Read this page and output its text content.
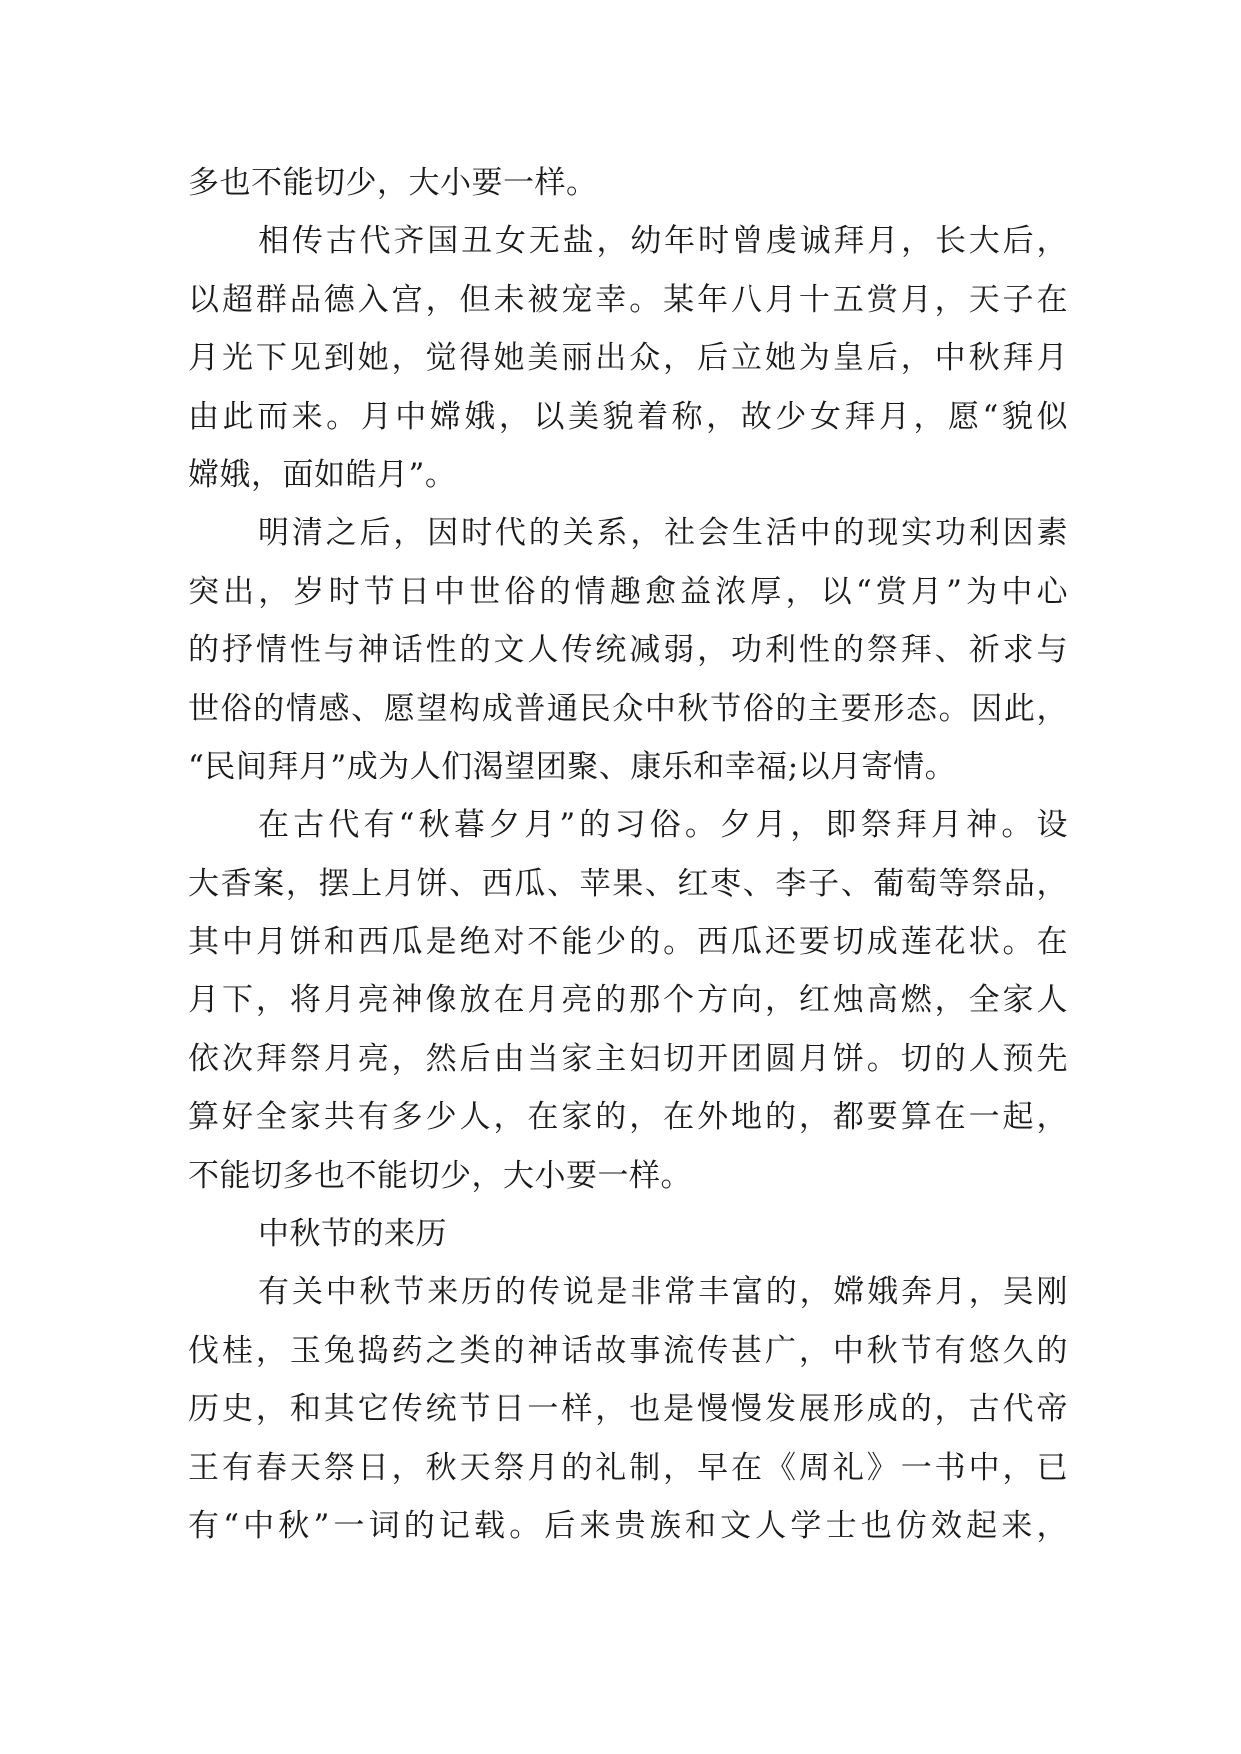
多也不能切少，大小要一样。
相传古代齐国丑女无盐，幼年时曾虔诚拜月，长大后，
以超群品德入宫，但未被宠幸。某年八月十五赏月，天子在
月光下见到她，觉得她美丽出众，后立她为皇后，中秋拜月
由此而来。月中嫦娥，以美貌着称，故少女拜月，愿“貌似
嫦娥，面如皓月”。
明清之后，因时代的关系，社会生活中的现实功利因素
突出，岁时节日中世俗的情趣愈益浓厚，以“赏月”为中心
的抒情性与神话性的文人传统减弱，功利性的祭拜、祈求与
世俗的情感、愿望构成普通民众中秋节俗的主要形态。因此，
“民间拜月”成为人们渴望团聚、康乐和幸福;以月寄情。
在古代有“秋暮夕月”的习俗。夕月，即祭拜月神。设
大香案，摆上月饼、西瓜、苹果、红枣、李子、葡萄等祭品，
其中月饼和西瓜是绝对不能少的。西瓜还要切成莲花状。在
月下，将月亮神像放在月亮的那个方向，红烛高燃，全家人
依次拜祭月亮，然后由当家主妇切开团圆月饼。切的人预先
算好全家共有多少人，在家的，在外地的，都要算在一起，
不能切多也不能切少，大小要一样。
中秋节的来历
有关中秋节来历的传说是非常丰富的，嫦娥奔月，吴刚
伐桂，玉兔捣药之类的神话故事流传甚广，中秋节有悠久的
历史，和其它传统节日一样，也是慢慢发展形成的，古代帝
王有春天祭日，秋天祭月的礼制，早在《周礼》一书中，已
有“中秋”一词的记载。后来贵族和文人学士也仿效起来，
